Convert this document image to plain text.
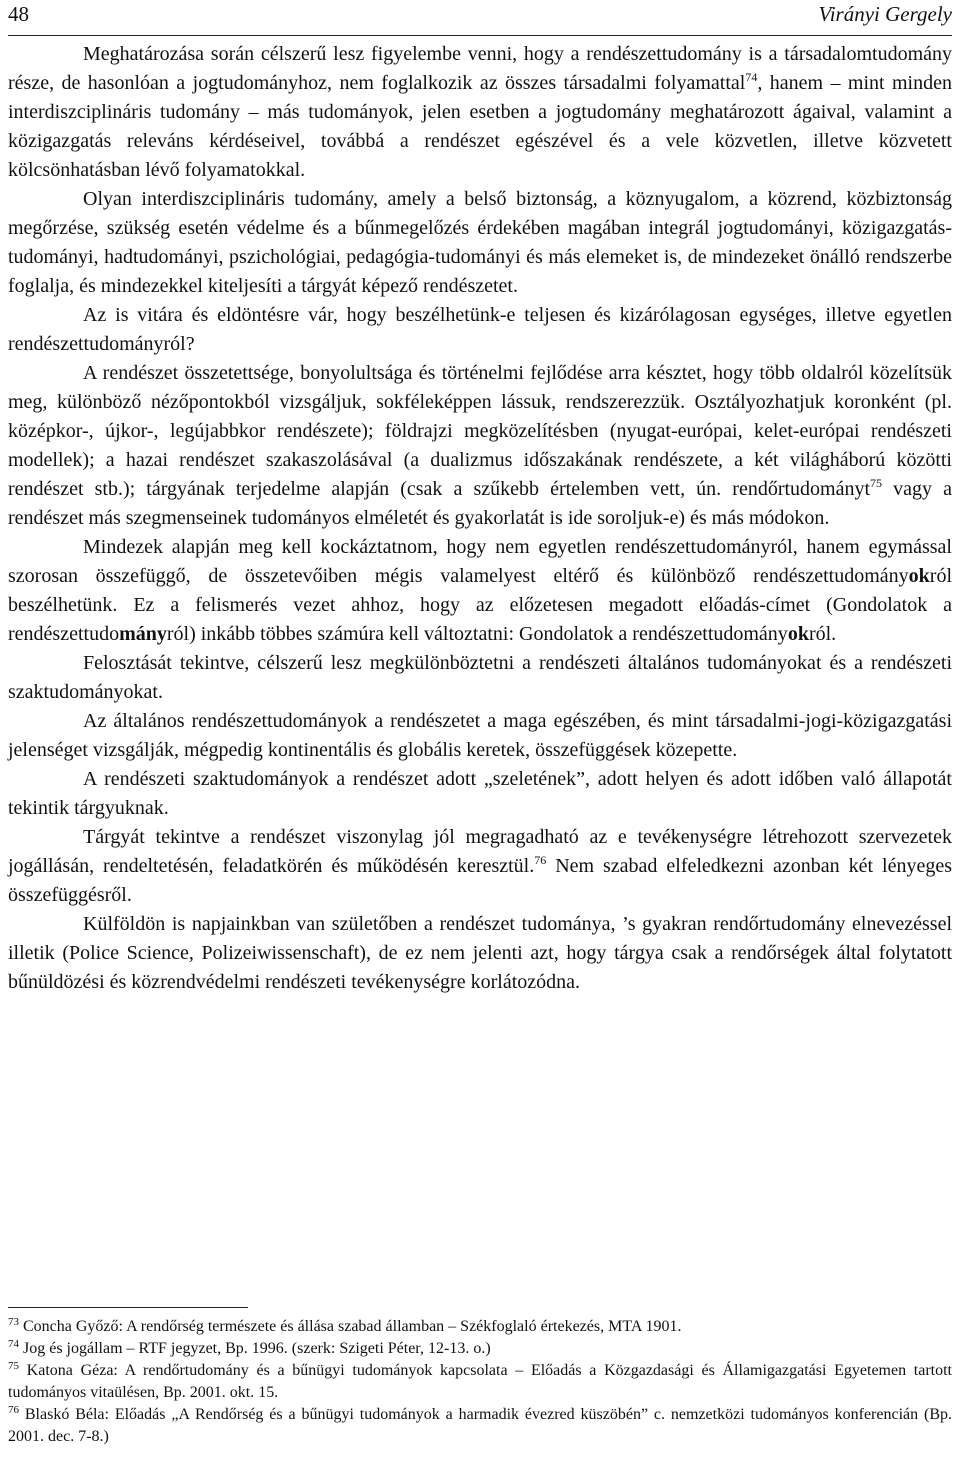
48	Virányi Gergely

Meghatározása során célszerű lesz figyelembe venni, hogy a rendészettudomány is a társadalomtudomány része, de hasonlóan a jogtudományhoz, nem foglalkozik az összes társadalmi folyamattal$^{74}$, hanem – mint minden interdiszciplináris tudomány – más tudományok, jelen esetben a jogtudomány meghatározott ágaival, valamint a közigazgatás releváns kérdéseivel, továbbá a rendészet egészével és a vele közvetlen, illetve közvetett kölcsönhatásban lévő folyamatokkal.

Olyan interdiszciplináris tudomány, amely a belső biztonság, a köznyugalom, a közrend, közbiztonság megőrzése, szükség esetén védelme és a bűnmegelőzés érdekében magában integrál jogtudományi, közigazgatás-tudományi, hadtudományi, pszichológiai, pedagógia-tudományi és más elemeket is, de mindezeket önálló rendszerbe foglalja, és mindezekkel kiteljesíti a tárgyát képező rendészetet.

Az is vitára és eldöntésre vár, hogy beszélhetünk-e teljesen és kizárólagosan egységes, illetve egyetlen rendészettudományról?

A rendészet összetettsége, bonyolultsága és történelmi fejlődése arra késztet, hogy több oldalról közelítsük meg, különböző nézőpontokból vizsgáljuk, sokféleképpen lássuk, rendszerezzük. Osztályozhatjuk koronként (pl. középkor-, újkor-, legújabbkor rendészete); földrajzi megközelítésben (nyugat-európai, kelet-európai rendészeti modellek); a hazai rendészet szakaszolásával (a dualizmus időszakának rendészete, a két világháború közötti rendészet stb.); tárgyának terjedelme alapján (csak a szűkebb értelemben vett, ún. rendőrtudományt$^{75}$ vagy a rendészet más szegmenseinek tudományos elméletét és gyakorlatát is ide soroljuk-e) és más módokon.

Mindezek alapján meg kell kockáztatnom, hogy nem egyetlen rendészettudományról, hanem egymással szorosan összefüggő, de összetevőiben mégis valamelyest eltérő és különböző rendészettudományokról beszélhetünk. Ez a felismerés vezet ahhoz, hogy az előzetesen megadott előadás-címet (Gondolatok a rendészettudományról) inkább többes számúra kell változtatni: Gondolatok a rendészettudományokról.

Felosztását tekintve, célszerű lesz megkülönböztetni a rendészeti általános tudományokat és a rendészeti szaktudományokat.

Az általános rendészettudományok a rendészetet a maga egészében, és mint társadalmi-jogi-közigazgatási jelenséget vizsgálják, mégpedig kontinentális és globális keretek, összefüggések közepette.

A rendészeti szaktudományok a rendészet adott „szeletének”, adott helyen és adott időben való állapotát tekintik tárgyuknak.

Tárgyát tekintve a rendészet viszonylag jól megragadható az e tevékenységre létrehozott szervezetek jogállásán, rendeltetésén, feladatkörén és működésén keresztül.$^{76}$ Nem szabad elfeledkezni azonban két lényeges összefüggésről.

Külföldön is napjainkban van születőben a rendészet tudománya, ’s gyakran rendőrtudomány elnevezéssel illetik (Police Science, Polizeiwissenschaft), de ez nem jelenti azt, hogy tárgya csak a rendőrségek által folytatott bűnüldözési és közrendvédelmi rendészeti tevékenységre korlátozódna.

$^{73}$ Concha Győző: A rendőrség természete és állása szabad államban – Székfoglaló értekezés, MTA 1901.

$^{74}$ Jog és jogállam – RTF jegyzet, Bp. 1996. (szerk: Szigeti Péter, 12-13. o.)

$^{75}$ Katona Géza: A rendőrtudomány és a bűnügyi tudományok kapcsolata – Előadás a Közgazdasági és Államigazgatási Egyetemen tartott tudományos vitaülésen, Bp. 2001. okt. 15.

$^{76}$ Blaskó Béla: Előadás „A Rendőrség és a bűnügyi tudományok a harmadik évezred küszöbén” c. nemzetközi tudományos konferencián (Bp. 2001. dec. 7-8.)
